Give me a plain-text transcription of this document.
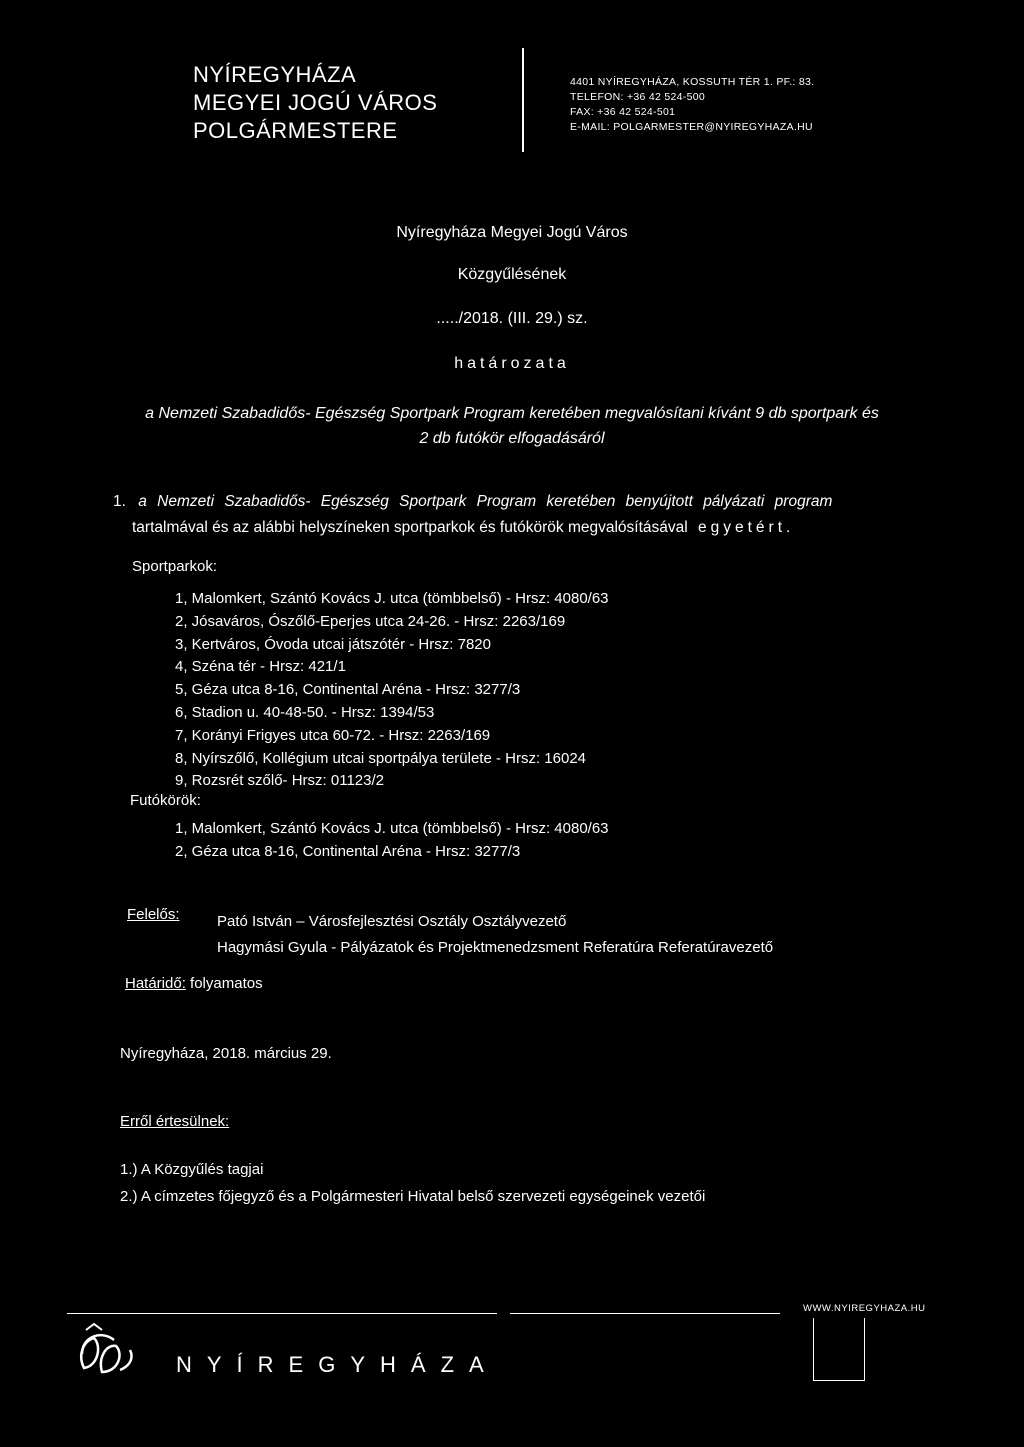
NYÍREGYHÁZA
MEGYEI JOGÚ VÁROS
POLGÁRMESTERE
4401 NYÍREGYHÁZA, KOSSUTH TÉR 1. PF.: 83.
TELEFON: +36 42 524-500
FAX: +36 42 524-501
E-MAIL: POLGARMESTER@NYIREGYHAZA.HU
Nyíregyháza Megyei Jogú Város
Közgyűlésének
...../2018. (III. 29.) sz.
határozata
a Nemzeti Szabadidős- Egészség Sportpark Program keretében megvalósítani kívánt 9 db sportpark és
2 db futókör elfogadásáról
1. a Nemzeti Szabadidős- Egészség Sportpark Program keretében benyújtott pályázati program
tartalmával és az alábbi helyszíneken sportparkok és futókörök megvalósításával egyetért.
Sportparkok:
1, Malomkert, Szántó Kovács J. utca (tömbbelső) - Hrsz: 4080/63
2, Jósaváros, Ószőlő-Eperjes utca 24-26. - Hrsz: 2263/169
3, Kertváros, Óvoda utcai játszótér - Hrsz: 7820
4, Széna tér - Hrsz: 421/1
5, Géza utca 8-16, Continental Aréna - Hrsz: 3277/3
6, Stadion u. 40-48-50. - Hrsz: 1394/53
7, Korányi Frigyes utca 60-72. - Hrsz: 2263/169
8, Nyírszőlő, Kollégium utcai sportpálya területe - Hrsz: 16024
9, Rozsrét szőlő- Hrsz: 01123/2
Futókörök:
1, Malomkert, Szántó Kovács J. utca (tömbbelső) - Hrsz: 4080/63
2, Géza utca 8-16, Continental Aréna - Hrsz: 3277/3
Felelős: Pató István – Városfejlesztési Osztály Osztályvezető
Hagymási Gyula - Pályázatok és Projektmenedzsment Referatúra Referatúravezető
Határidő: folyamatos
Nyíregyháza, 2018. március 29.
Erről értesülnek:
1.) A Közgyűlés tagjai
2.) A címzetes főjegyző és a Polgármesteri Hivatal belső szervezeti egységeinek vezetői
WWW.NYIREGYHAZA.HU
NYÍREGYHÁZA
